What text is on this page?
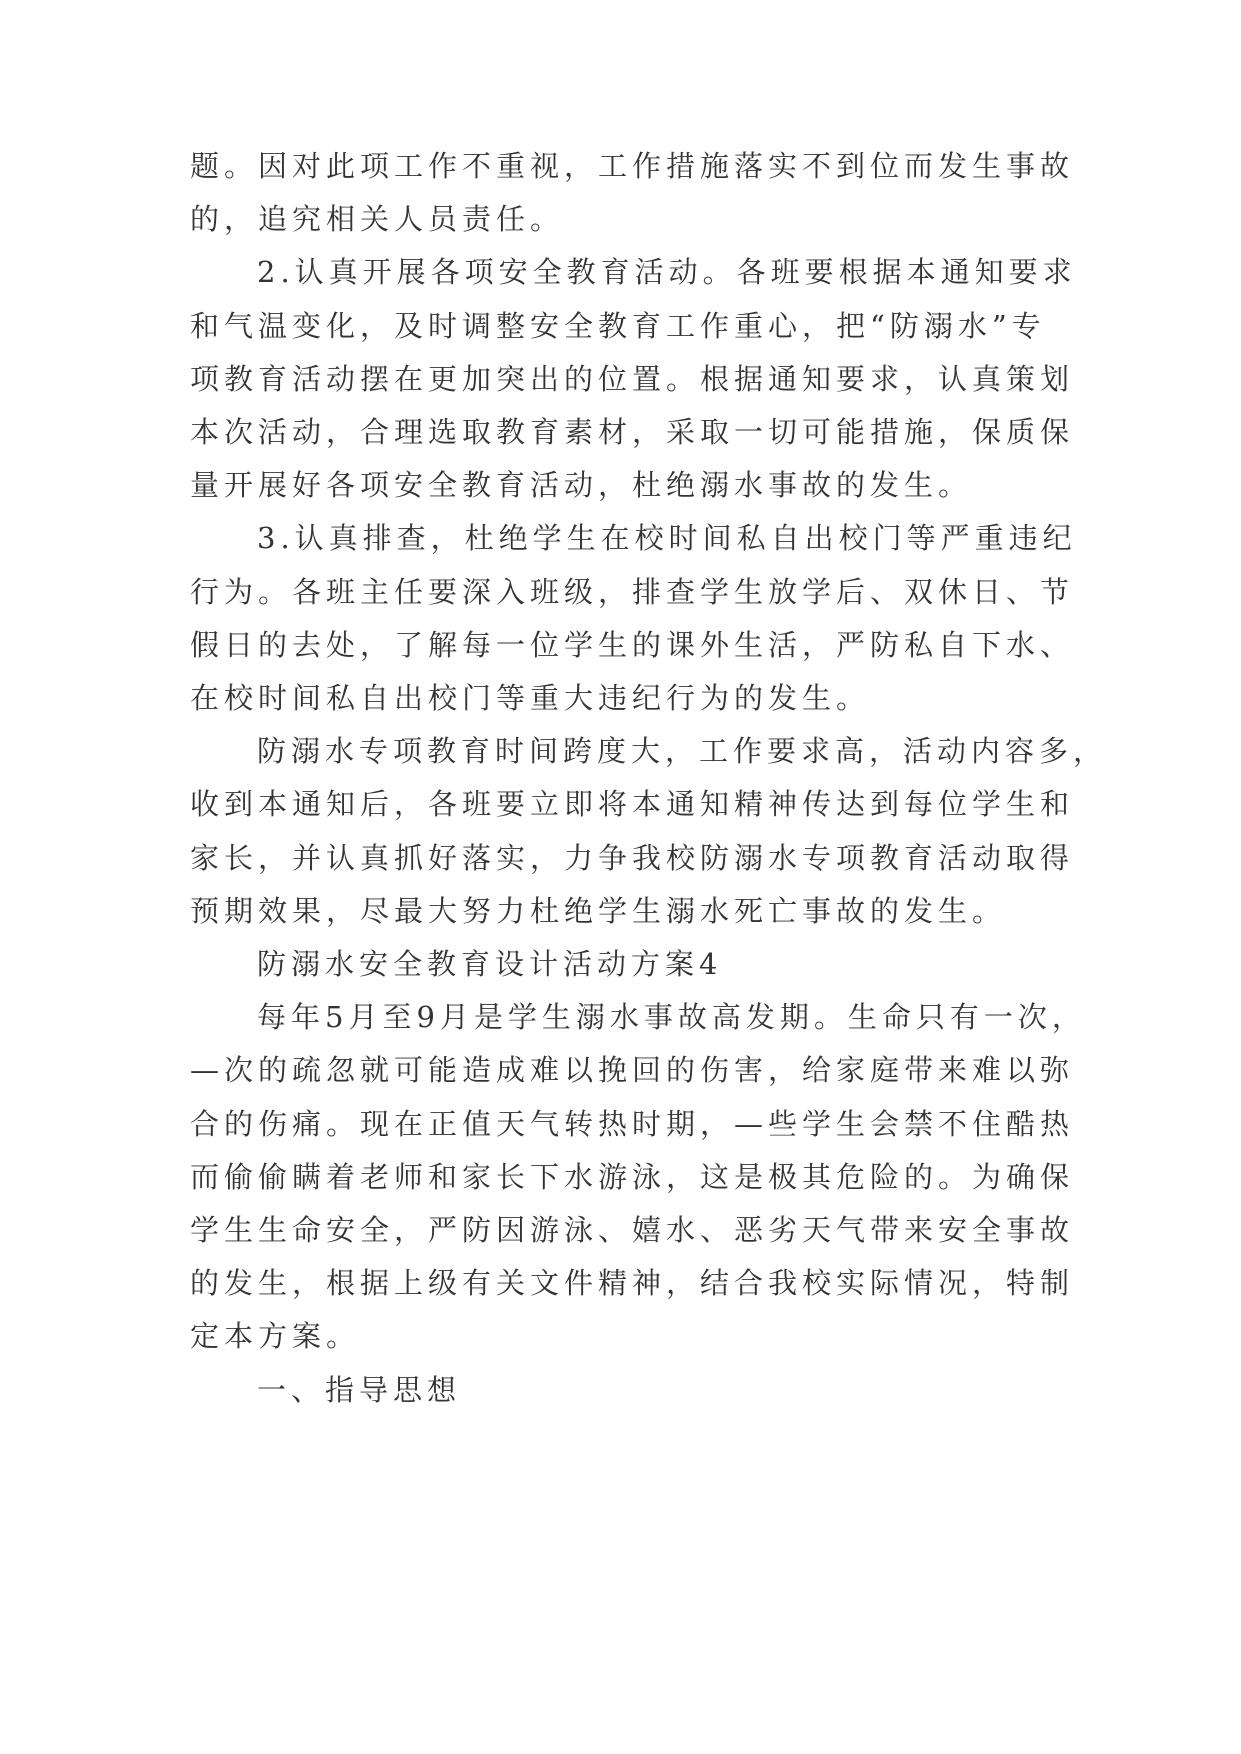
题。因对此项工作不重视，工作措施落实不到位而发生事故
的，追究相关人员责任。
2.认真开展各项安全教育活动。各班要根据本通知要求
和气温变化，及时调整安全教育工作重心，把“防溺水”专
项教育活动摆在更加突出的位置。根据通知要求，认真策划
本次活动，合理选取教育素材，采取一切可能措施，保质保
量开展好各项安全教育活动，杜绝溺水事故的发生。
3.认真排查，杜绝学生在校时间私自出校门等严重违纪
行为。各班主任要深入班级，排查学生放学后、双休日、节
假日的去处，了解每一位学生的课外生活，严防私自下水、
在校时间私自出校门等重大违纪行为的发生。
防溺水专项教育时间跨度大，工作要求高，活动内容多，
收到本通知后，各班要立即将本通知精神传达到每位学生和
家长，并认真抓好落实，力争我校防溺水专项教育活动取得
预期效果，尽最大努力杜绝学生溺水死亡事故的发生。
防溺水安全教育设计活动方案4
每年5月至9月是学生溺水事故高发期。生命只有一次，
—次的疏忽就可能造成难以挽回的伤害，给家庭带来难以弥
合的伤痛。现在正值天气转热时期，—些学生会禁不住酷热
而偷偷瞒着老师和家长下水游泳，这是极其危险的。为确保
学生生命安全，严防因游泳、嬉水、恶劣天气带来安全事故
的发生，根据上级有关文件精神，结合我校实际情况，特制
定本方案。
一、指导思想
